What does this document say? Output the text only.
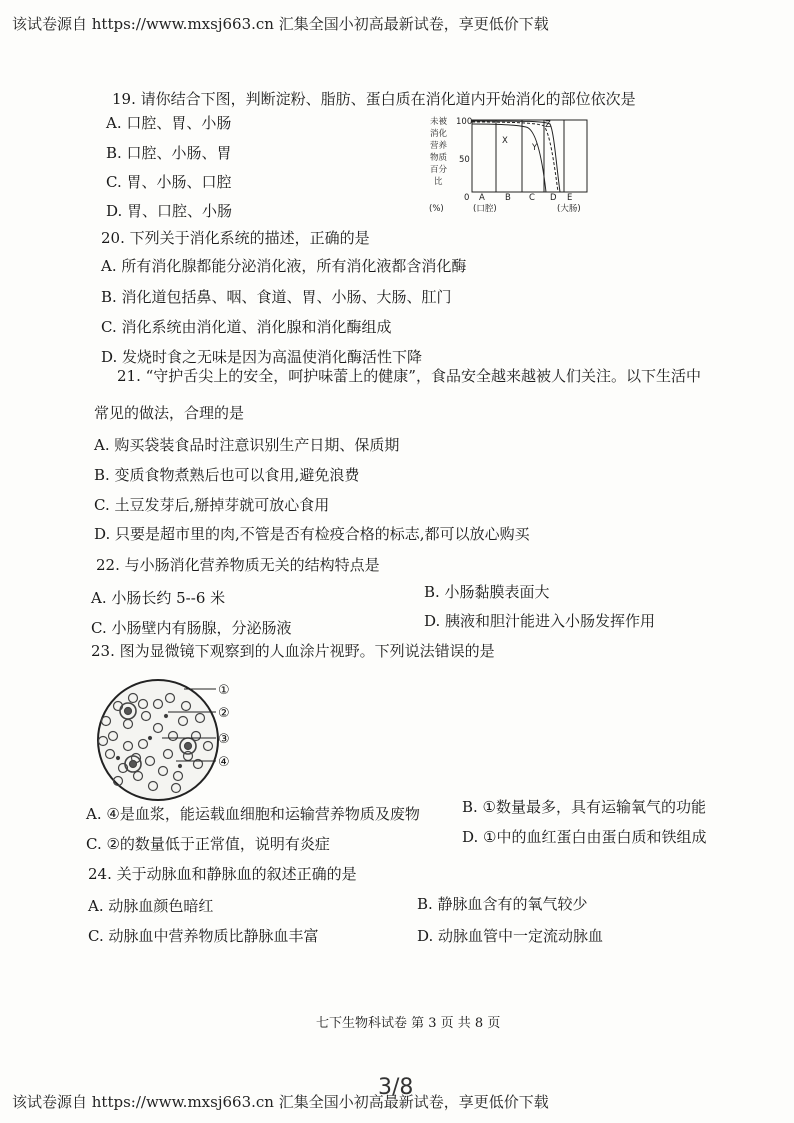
该试卷源自 https://www.mxsj663.cn 汇集全国小初高最新试卷，享更低价下载
19. 请你结合下图，判断淀粉、脂肪、蛋白质在消化道内开始消化的部位依次是
A. 口腔、胃、小肠
B. 口腔、小肠、胃
C. 胃、小肠、口腔
D. 胃、口腔、小肠
未被
消化
营养
物质
百分
比
(%)
100
50
0 A B C D E
(口腔)	(大肠)
X
Y
Z
20. 下列关于消化系统的描述，正确的是
A. 所有消化腺都能分泌消化液，所有消化液都含消化酶
B. 消化道包括鼻、咽、食道、胃、小肠、大肠、肛门
C. 消化系统由消化道、消化腺和消化酶组成
D. 发烧时食之无味是因为高温使消化酶活性下降
21. “守护舌尖上的安全，呵护味蕾上的健康”，食品安全越来越被人们关注。以下生活中
常见的做法，合理的是
A. 购买袋装食品时注意识别生产日期、保质期
B. 变质食物煮熟后也可以食用,避免浪费
C. 土豆发芽后,掰掉芽就可放心食用
D. 只要是超市里的肉,不管是否有检疫合格的标志,都可以放心购买
22. 与小肠消化营养物质无关的结构特点是
A. 小肠长约 5--6 米	B. 小肠黏膜表面大
C. 小肠壁内有肠腺，分泌肠液	D. 胰液和胆汁能进入小肠发挥作用
23. 图为显微镜下观察到的人血涂片视野。下列说法错误的是
①
②
③
④
A. ④是血浆，能运载血细胞和运输营养物质及废物	B. ①数量最多，具有运输氧气的功能
C. ②的数量低于正常值，说明有炎症	D. ①中的血红蛋白由蛋白质和铁组成
24. 关于动脉血和静脉血的叙述正确的是
A. 动脉血颜色暗红	B. 静脉血含有的氧气较少
C. 动脉血中营养物质比静脉血丰富	D. 动脉血管中一定流动脉血
七下生物科试卷 第 3 页 共 8 页
3/8
该试卷源自 https://www.mxsj663.cn 汇集全国小初高最新试卷，享更低价下载
